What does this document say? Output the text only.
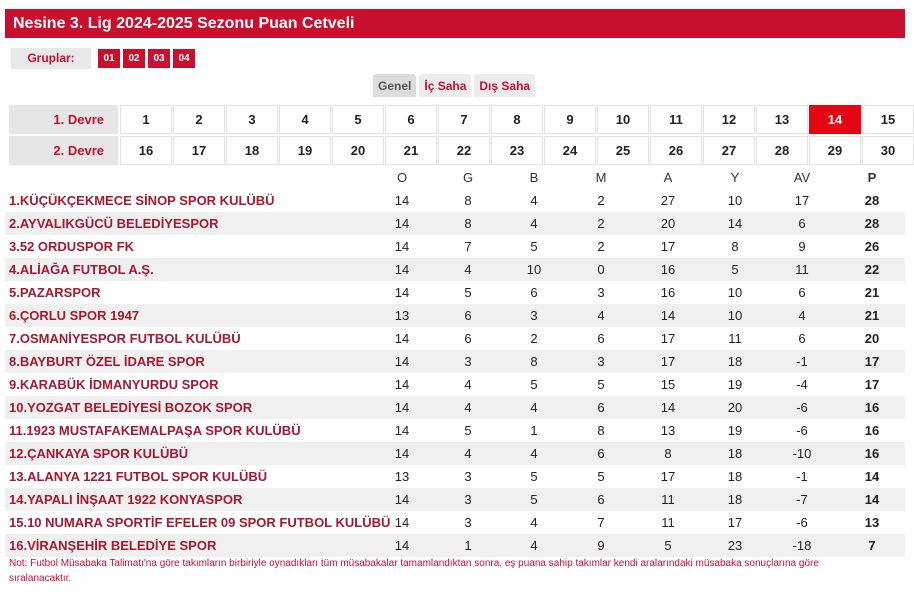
Nesine 3. Lig 2024-2025 Sezonu Puan Cetveli
Gruplar:	01	02	03	04
Genel	İç Saha	Dış Saha
1. Devre	1	2	3	4	5	6	7	8	9	10	11	12	13	14	15
2. Devre	16	17	18	19	20	21	22	23	24	25	26	27	28	29	30
O	G	B	M	A	Y	AV	P
1.KÜÇÜKÇEKMECE SİNOP SPOR KULÜBÜ	14	8	4	2	27	10	17	28
2.AYVALIKGÜCÜ BELEDİYESPOR	14	8	4	2	20	14	6	28
3.52 ORDUSPOR FK	14	7	5	2	17	8	9	26
4.ALİAĞA FUTBOL A.Ş.	14	4	10	0	16	5	11	22
5.PAZARSPOR	14	5	6	3	16	10	6	21
6.ÇORLU SPOR 1947	13	6	3	4	14	10	4	21
7.OSMANİYESPOR FUTBOL KULÜBÜ	14	6	2	6	17	11	6	20
8.BAYBURT ÖZEL İDARE SPOR	14	3	8	3	17	18	-1	17
9.KARABÜK İDMANYURDU SPOR	14	4	5	5	15	19	-4	17
10.YOZGAT BELEDİYESİ BOZOK SPOR	14	4	4	6	14	20	-6	16
11.1923 MUSTAFAKEMALPAŞA SPOR KULÜBÜ	14	5	1	8	13	19	-6	16
12.ÇANKAYA SPOR KULÜBÜ	14	4	4	6	8	18	-10	16
13.ALANYA 1221 FUTBOL SPOR KULÜBÜ	13	3	5	5	17	18	-1	14
14.YAPALI İNŞAAT 1922 KONYASPOR	14	3	5	6	11	18	-7	14
15.10 NUMARA SPORTİF EFELER 09 SPOR FUTBOL KULÜBÜ 14	3	4	7	11	17	-6	13
16.VİRANŞEHİR BELEDİYE SPOR	14	1	4	9	5	23	-18	7
Not: Futbol Müsabaka Talimatı'na göre takımların birbiriyle oynadıkları tüm müsabakalar tamamlandıktan sonra, eş puana sahip takımlar kendi aralarındaki müsabaka sonuçlarına göre sıralanacaktır.
